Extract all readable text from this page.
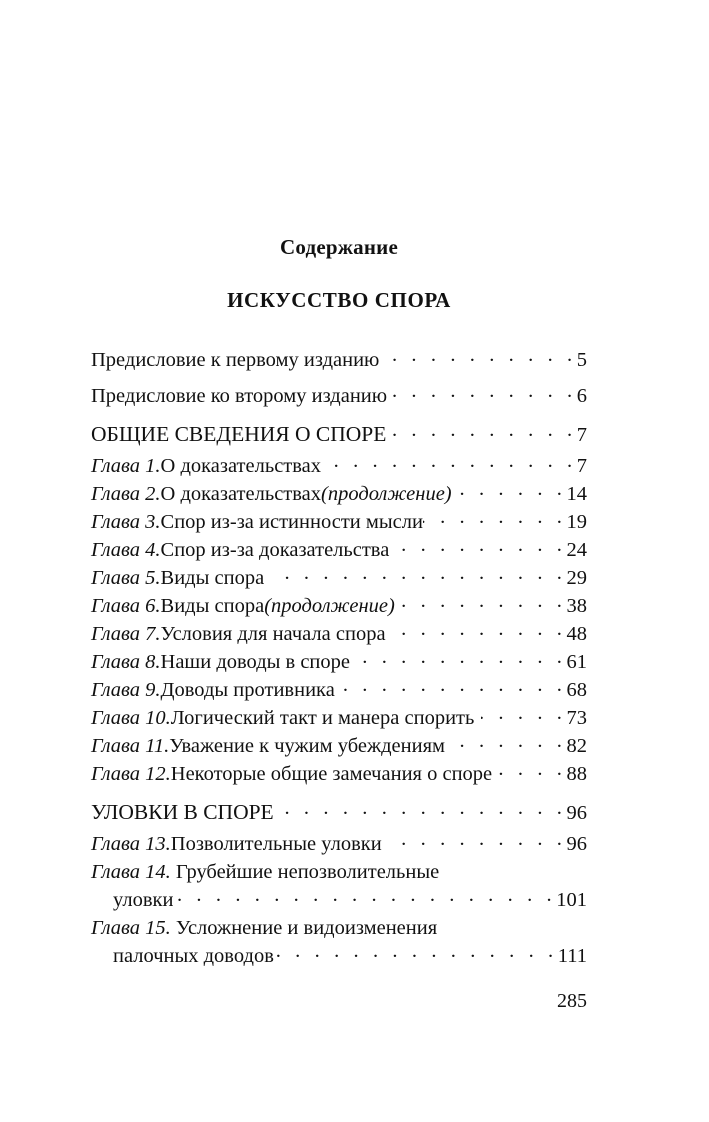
Содержание
ИСКУССТВО СПОРА
Предисловие к первому изданию . . .	5
Предисловие ко второму изданию . . .	6
ОБЩИЕ СВЕДЕНИЯ О СПОРЕ . . .	7
Глава 1. О доказательствах . . .	7
Глава 2. О доказательствах (продолжение) . . .	14
Глава 3. Спор из-за истинности мысли . . .	19
Глава 4. Спор из-за доказательства . . .	24
Глава 5. Виды спора . . .	29
Глава 6. Виды спора (продолжение) . . .	38
Глава 7. Условия для начала спора . . .	48
Глава 8. Наши доводы в споре . . .	61
Глава 9. Доводы противника . . .	68
Глава 10. Логический такт и манера спорить . . .	73
Глава 11. Уважение к чужим убеждениям . . .	82
Глава 12. Некоторые общие замечания о споре . . .	88
УЛОВКИ В СПОРЕ . . .	96
Глава 13. Позволительные уловки . . .	96
Глава 14. Грубейшие непозволительные
уловки . . .	101
Глава 15. Усложнение и видоизменения
палочных доводов . . .	111
285
